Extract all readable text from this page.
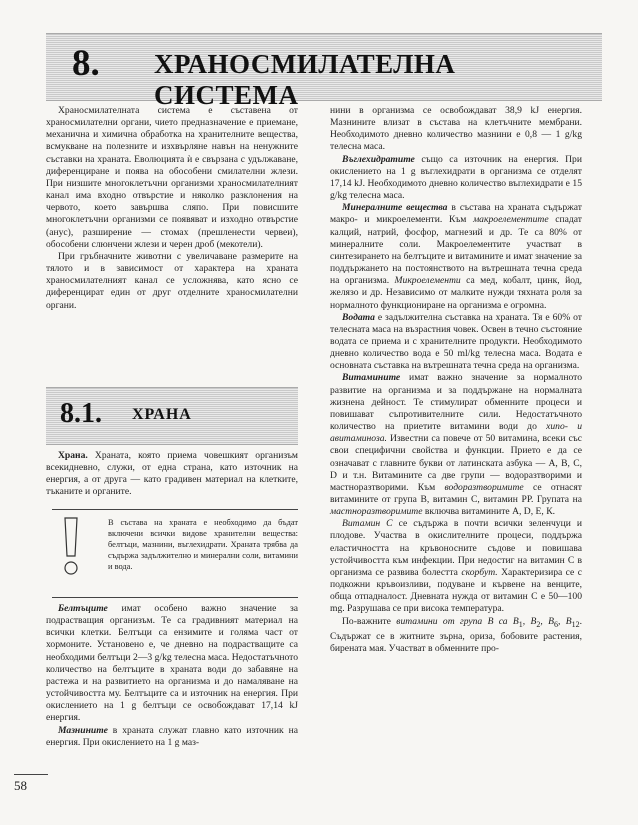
8. ХРАНОСМИЛАТЕЛНА СИСТЕМА

Храносмилателната система е съставена от храносмилателни органи, чието предназначение е приемане, механична и химична обработка на хранителните вещества, всмукване на полезните и изхвърляне навън на ненужните съставки на храната. Еволюцията ѝ е свързана с удължаване, диференциране и поява на обособени смилателни жлези. При низшите многоклетъчни организми храносмилателният канал има входно отвърстие и няколко разклонения на червото, което завършва сляпо. При повисшите многоклетъчни организми се появяват и изходно отвърстие (анус), разширение — стомах (прешленести червеи), обособени слюнчени жлези и черен дроб (мекотели).

При гръбначните животни с увеличаване размерите на тялото и в зависимост от характера на храната храносмилателният канал се усложнява, като ясно се диференцират един от друг отделните храносмилателни органи.

8.1. ХРАНА

Храна. Храната, която приема човешкият организъм всекидневно, служи, от една страна, като източник на енергия, а от друга — като градивен материал на клетките, тъканите и органите.

В състава на храната е необходимо да бъдат включени всички видове хранителни вещества: белтъци, мазнини, въглехидрати. Храната трябва да съдържа задължително и минерални соли, витамини и вода.

Белтъците имат особено важно значение за подрастващия организъм. Те са градивният материал на всички клетки. Белтъци са ензимите и голяма част от хормоните. Установено е, че дневно на подрастващите са необходими белтъци 2—3 g/kg телесна маса. Недостатъчното количество на белтъците в храната води до забавяне на растежа и на развитието на организма и до намаляване на устойчивостта му. Белтъците са и източник на енергия. При окислението на 1 g белтъци се освобождават 17,14 kJ енергия.

Мазнините в храната служат главно като източник на енергия. При окислението на 1 g маз-

нини в организма се освобождават 38,9 kJ енергия. Мазнините влизат в състава на клетъчните мембрани. Необходимото дневно количество мазнини е 0,8 — 1 g/kg телесна маса.

Въглехидратите също са източник на енергия. При окислението на 1 g въглехидрати в организма се отделят 17,14 kJ. Необходимото дневно количество въглехидрати е 15 g/kg телесна маса.

Минералните вещества в състава на храната съдържат макро- и микроелементи. Към макроелементите спадат калций, натрий, фосфор, магнезий и др. Те са 80% от минералните соли. Макроелементите участват в синтезирането на белтъците и витамините и имат значение за поддържането на постоянството на вътрешната течна среда на организма. Микроелементи са мед, кобалт, цинк, йод, желязо и др. Независимо от малките нужди тяхната роля за нормалното функциониране на организма е огромна.

Водата е задължителна съставка на храната. Тя е 60% от телесната маса на възрастния човек. Освен в течно състояние водата се приема и с хранителните продукти. Необходимото дневно количество вода е 50 ml/kg телесна маса. Водата е основната съставка на вътрешната течна среда на организма.

Витамините имат важно значение за нормалното развитие на организма и за поддържане на нормалната жизнена дейност. Те стимулират обменните процеси и повишават съпротивителните сили. Недостатъчното количество на приетите витамини води до хипо- и авитаминоза. Известни са повече от 50 витамина, всеки със свои специфични свойства и функции. Прието е да се означават с главните букви от латинската азбука — А, В, С, D и т.н. Витамините са две групи — водоразтворими и мастноразтворими. Към водоразтворимите се отнасят витамините от група В, витамин С, витамин РР. Групата на мастноразтворимите включва витамините А, D, Е, К.

Витамин С се съдържа в почти всички зеленчуци и плодове. Участва в окислителните процеси, поддържа еластичността на кръвоносните съдове и повишава устойчивостта към инфекции. При недостиг на витамин С в организма се развива болестта скорбут. Характеризира се с подкожни кръвоизливи, подуване и кървене на венците, обща отпадналост. Дневната нужда от витамин С е 50—100 mg. Разрушава се при висока температура.

По-важните витамини от група В са $В_1$, $В_2$, $В_6$, $В_{12}$. Съдържат се в житните зърна, ориза, бобовите растения, бирената мая. Участват в обменните про-

58
